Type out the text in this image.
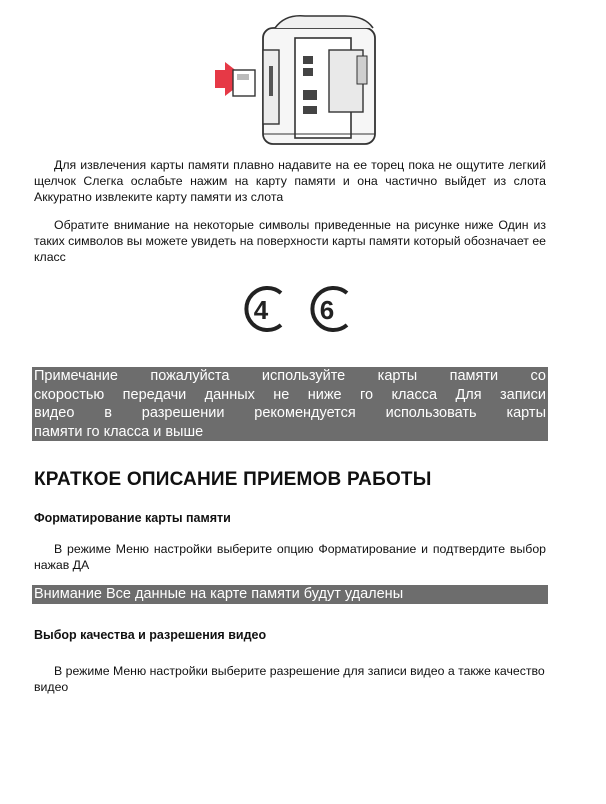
Для извлечения карты памяти плавно надавите на ее торец пока не ощутите легкий щелчок Слегка ослабьте нажим на карту памяти и она частично выйдет из слота Аккуратно извлеките карту памяти из слота

Обратите внимание на некоторые символы приведенные на рисунке ниже Один из таких символов вы можете увидеть на поверхности карты памяти который обозначает ее класс

4 6
Примечание пожалуйста используйте карты памяти со
скоростью передачи данных не ниже го класса Для записи
видео в разрешении рекомендуется использовать карты
памяти го класса и выше
КРАТКОЕ ОПИСАНИЕ ПРИЕМОВ РАБОТЫ
Форматирование карты памяти

В режиме Меню настройки выберите опцию Форматирование и подтвердите выбор нажав ДА

Внимание Все данные на карте памяти будут удалены
Выбор качества и разрешения видео

В режиме Меню настройки выберите разрешение для записи видео а также качество видео
